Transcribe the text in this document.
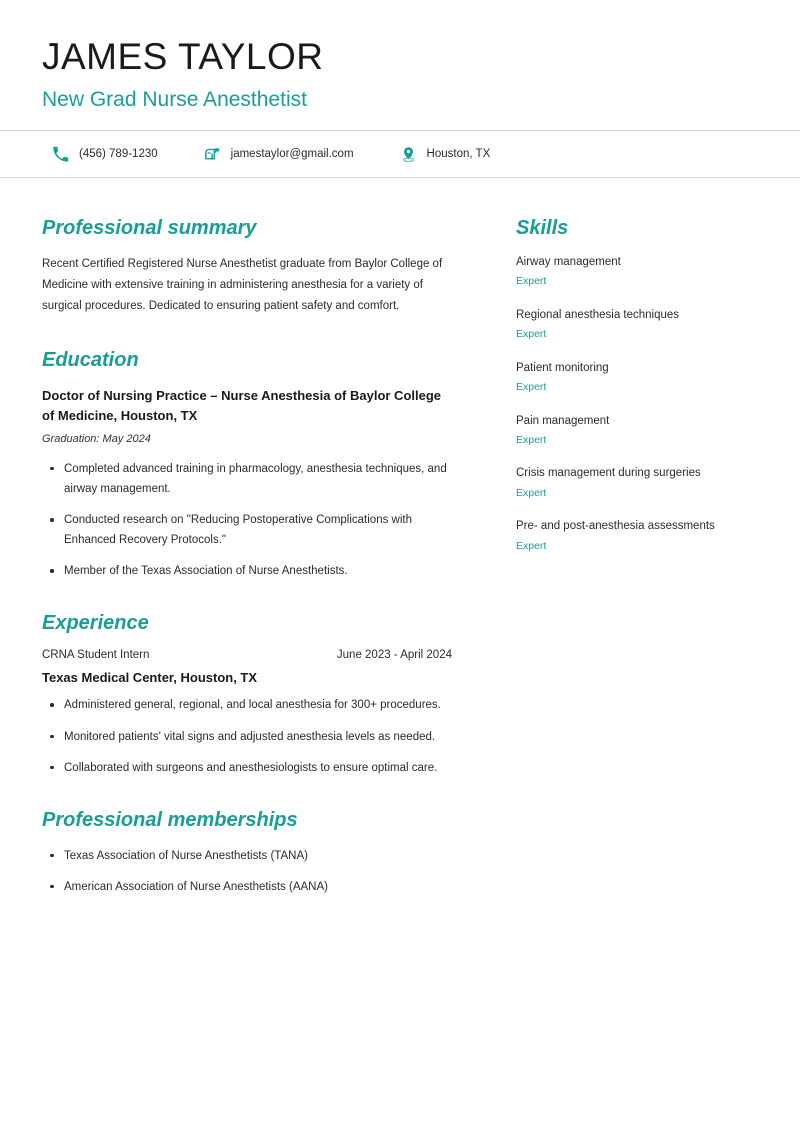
JAMES TAYLOR
New Grad Nurse Anesthetist
(456) 789-1230	jamestaylor@gmail.com	Houston, TX
Professional summary

Recent Certified Registered Nurse Anesthetist graduate from Baylor College of Medicine with extensive training in administering anesthesia for a variety of surgical procedures. Dedicated to ensuring patient safety and comfort.

Education
Doctor of Nursing Practice – Nurse Anesthesia of Baylor College of Medicine, Houston, TX
Graduation: May 2024
Completed advanced training in pharmacology, anesthesia techniques, and airway management.
Conducted research on "Reducing Postoperative Complications with Enhanced Recovery Protocols."
Member of the Texas Association of Nurse Anesthetists.
Experience
CRNA Student Intern	June 2023 - April 2024
Texas Medical Center, Houston, TX
Administered general, regional, and local anesthesia for 300+ procedures.
Monitored patients' vital signs and adjusted anesthesia levels as needed.
Collaborated with surgeons and anesthesiologists to ensure optimal care.
Professional memberships
Texas Association of Nurse Anesthetists (TANA)
American Association of Nurse Anesthetists (AANA)
Skills
Airway management
Expert
Regional anesthesia techniques
Expert
Patient monitoring
Expert
Pain management
Expert
Crisis management during surgeries
Expert
Pre- and post-anesthesia assessments
Expert
